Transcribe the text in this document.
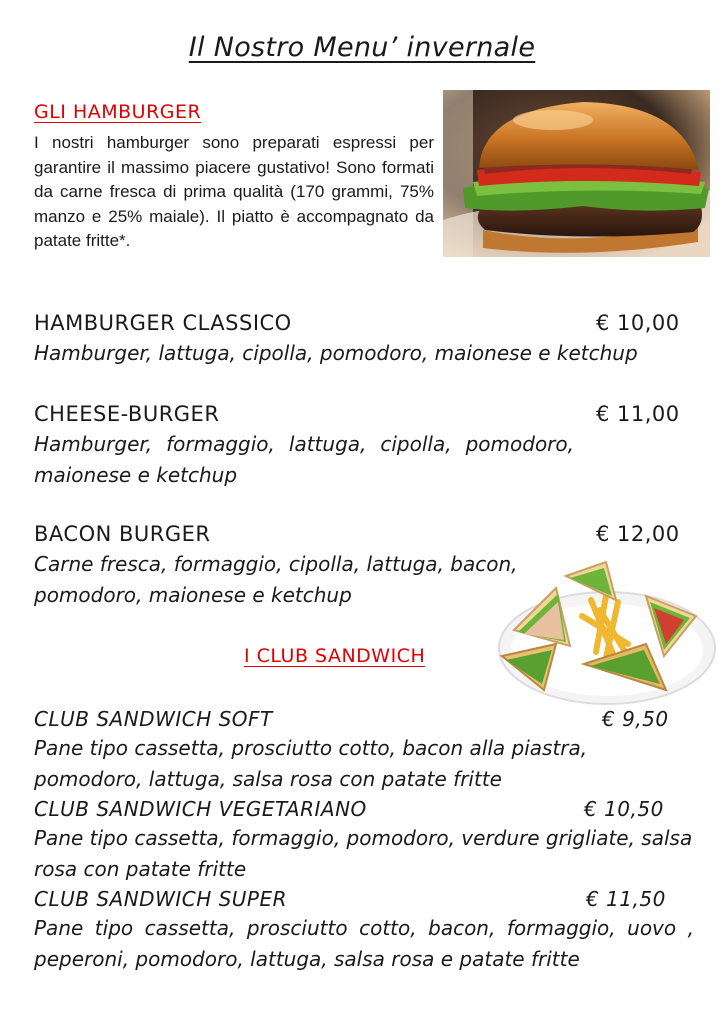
Il Nostro Menu’ invernale
GLI HAMBURGER
I nostri hamburger sono preparati espressi per garantire il massimo piacere gustativo! Sono formati da carne fresca di prima qualità (170 grammi, 75% manzo e 25% maiale). Il piatto è accompagnato da patate fritte*.
HAMBURGER CLASSICO	€ 10,00
Hamburger, lattuga, cipolla, pomodoro, maionese e ketchup
CHEESE-BURGER	€ 11,00
Hamburger, formaggio, lattuga, cipolla, pomodoro, maionese e ketchup
BACON BURGER	€ 12,00
Carne fresca, formaggio, cipolla, lattuga, bacon, pomodoro, maionese e ketchup
I CLUB SANDWICH
CLUB SANDWICH SOFT	€ 9,50
Pane tipo cassetta, prosciutto cotto, bacon alla piastra, pomodoro, lattuga, salsa rosa con patate fritte
CLUB SANDWICH VEGETARIANO	€ 10,50
Pane tipo cassetta, formaggio, pomodoro, verdure grigliate, salsa rosa con patate fritte
CLUB SANDWICH SUPER	€ 11,50
Pane tipo cassetta, prosciutto cotto, bacon, formaggio, uovo , peperoni, pomodoro, lattuga, salsa rosa e patate fritte
